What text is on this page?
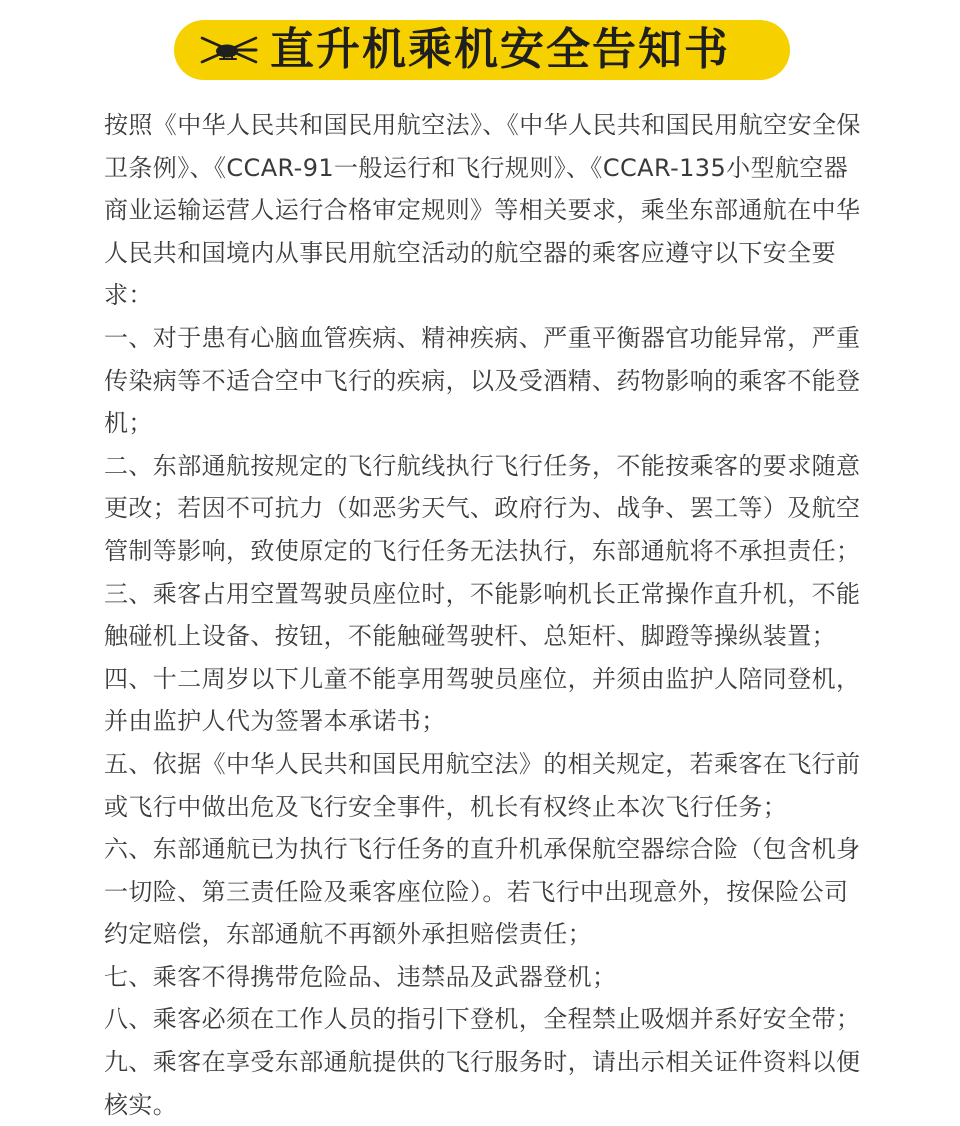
直升机乘机安全告知书

按照《中华人民共和国民用航空法》、《中华人民共和国民用航空安全保卫条例》、《CCAR-91一般运行和飞行规则》、《CCAR-135小型航空器商业运输运营人运行合格审定规则》等相关要求，乘坐东部通航在中华人民共和国境内从事民用航空活动的航空器的乘客应遵守以下安全要求：

一、对于患有心脑血管疾病、精神疾病、严重平衡器官功能异常，严重传染病等不适合空中飞行的疾病，以及受酒精、药物影响的乘客不能登机；

二、东部通航按规定的飞行航线执行飞行任务，不能按乘客的要求随意更改；若因不可抗力（如恶劣天气、政府行为、战争、罢工等）及航空管制等影响，致使原定的飞行任务无法执行，东部通航将不承担责任；

三、乘客占用空置驾驶员座位时，不能影响机长正常操作直升机，不能触碰机上设备、按钮，不能触碰驾驶杆、总矩杆、脚蹬等操纵装置；

四、十二周岁以下儿童不能享用驾驶员座位，并须由监护人陪同登机，并由监护人代为签署本承诺书；

五、依据《中华人民共和国民用航空法》的相关规定，若乘客在飞行前或飞行中做出危及飞行安全事件，机长有权终止本次飞行任务；

六、东部通航已为执行飞行任务的直升机承保航空器综合险（包含机身一切险、第三责任险及乘客座位险）。若飞行中出现意外，按保险公司约定赔偿，东部通航不再额外承担赔偿责任；

七、乘客不得携带危险品、违禁品及武器登机；

八、乘客必须在工作人员的指引下登机，全程禁止吸烟并系好安全带；

九、乘客在享受东部通航提供的飞行服务时，请出示相关证件资料以便核实。
